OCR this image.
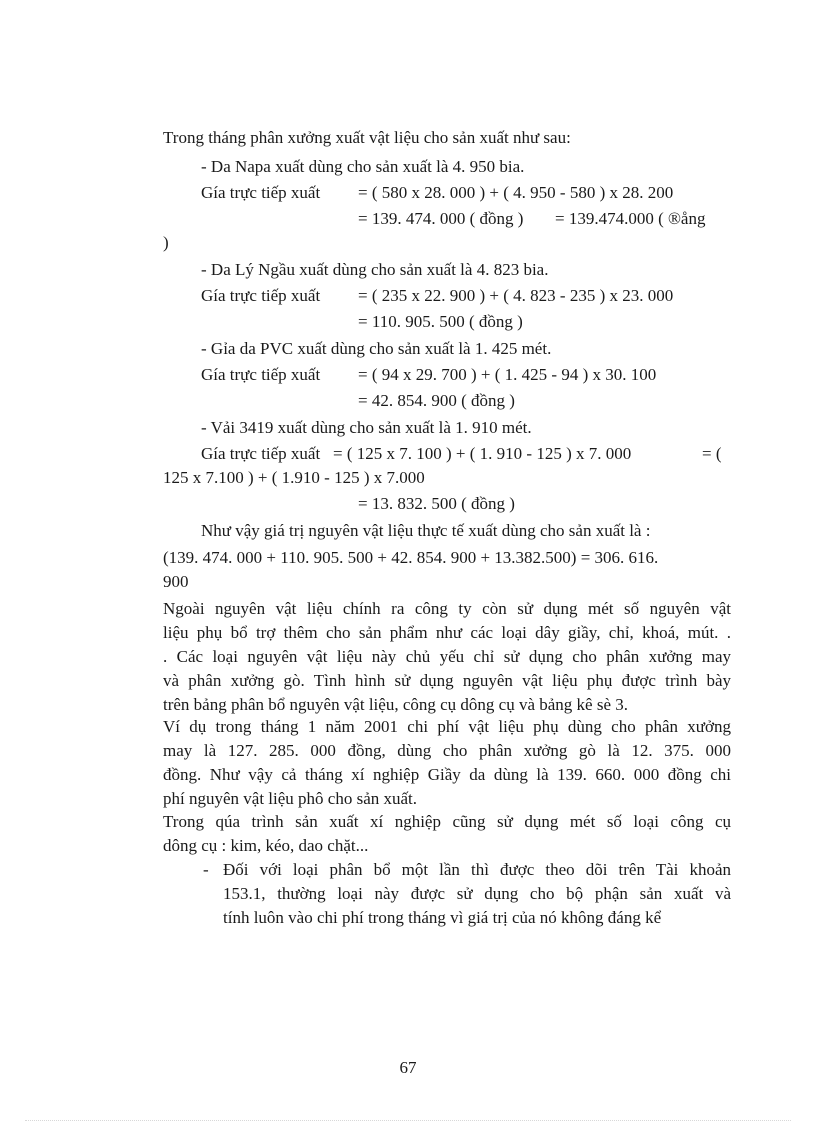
Trong tháng phân xưởng xuất vật liệu cho sản xuất như sau:
- Da Napa xuất dùng cho sản xuất là 4. 950 bia.
Gía trực tiếp xuất = ( 580 x 28. 000 ) + ( 4. 950 - 580 ) x 28. 200
= 139. 474. 000 ( đồng ) = 139.474.000 ( ®ång
)
- Da Lý Ngầu xuất dùng cho sản xuất là 4. 823 bia.
Gía trực tiếp xuất = ( 235 x 22. 900 ) + ( 4. 823 - 235 ) x 23. 000
= 110. 905. 500 ( đồng )
- Gỉa da PVC xuất dùng cho sản xuất là 1. 425 mét.
Gía trực tiếp xuất = ( 94 x 29. 700 ) + ( 1. 425 - 94 ) x 30. 100
= 42. 854. 900 ( đồng )
- Vải 3419 xuất dùng cho sản xuất là 1. 910 mét.
Gía trực tiếp xuất = ( 125 x 7. 100 ) + ( 1. 910 - 125 ) x 7. 000	= (
125 x 7.100 ) + ( 1.910 - 125 ) x 7.000
= 13. 832. 500 ( đồng )
Như vậy giá trị nguyên vật liệu thực tế xuất dùng cho sản xuất là :
(139. 474. 000 + 110. 905. 500 + 42. 854. 900 + 13.382.500) = 306. 616.
900
Ngoài nguyên vật liệu chính ra công ty còn sử dụng mét số nguyên vật
liệu phụ bổ trợ thêm cho sản phẩm như các loại dây giầy, chỉ, khoá, mút. .
. Các loại nguyên vật liệu này chủ yếu chỉ sử dụng cho phân xưởng may
và phân xưởng gò. Tình hình sử dụng nguyên vật liệu phụ được trình bày
trên bảng phân bổ nguyên vật liệu, công cụ dông cụ và bảng kê sè 3.
Ví dụ trong tháng 1 năm 2001 chi phí vật liệu phụ dùng cho phân xưởng
may là 127. 285. 000 đồng, dùng cho phân xưởng gò là 12. 375. 000
đồng. Như vậy cả tháng xí nghiệp Giầy da dùng là 139. 660. 000 đồng chi
phí nguyên vật liệu phô cho sản xuất.
Trong qúa trình sản xuất xí nghiệp cũng sử dụng mét số loại công cụ
dông cụ : kim, kéo, dao chặt...
- Đối với loại phân bổ một lần thì được theo dõi trên Tài khoản
153.1, thường loại này được sử dụng cho bộ phận sản xuất và
tính luôn vào chi phí trong tháng vì giá trị của nó không đáng kể
67
